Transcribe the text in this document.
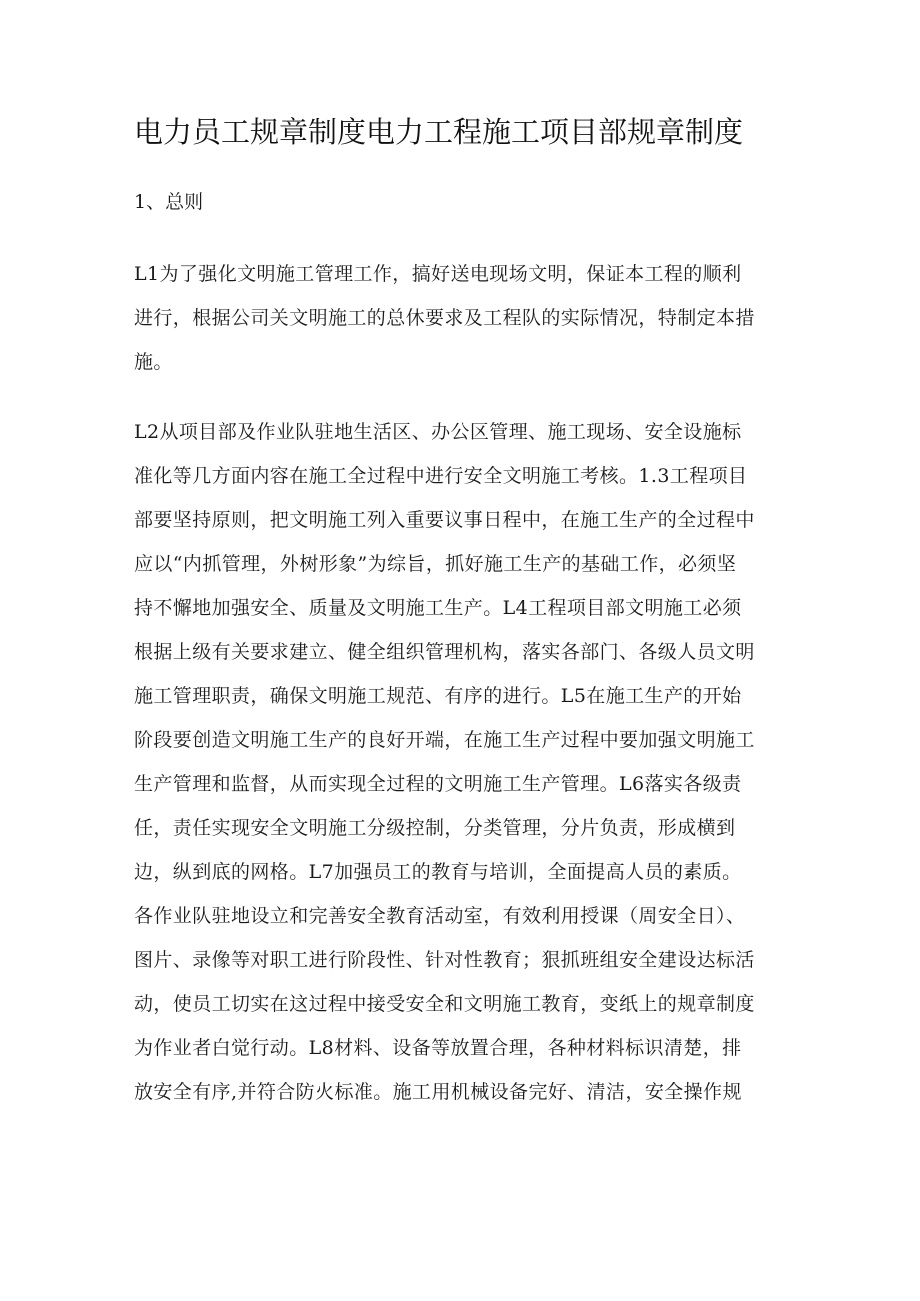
电力员工规章制度电力工程施工项目部规章制度

1、总则

L1为了强化文明施工管理工作，搞好送电现场文明，保证本工程的顺利
进行，根据公司关文明施工的总休要求及工程队的实际情况，特制定本措
施。
L2从项目部及作业队驻地生活区、办公区管理、施工现场、安全设施标
准化等几方面内容在施工全过程中进行安全文明施工考核。1.3工程项目
部要坚持原则，把文明施工列入重要议事日程中，在施工生产的全过程中
应以“内抓管理，外树形象”为综旨，抓好施工生产的基础工作，必须坚
持不懈地加强安全、质量及文明施工生产。L4工程项目部文明施工必须
根据上级有关要求建立、健全组织管理机构，落实各部门、各级人员文明
施工管理职责，确保文明施工规范、有序的进行。L5在施工生产的开始
阶段要创造文明施工生产的良好开端，在施工生产过程中要加强文明施工
生产管理和监督，从而实现全过程的文明施工生产管理。L6落实各级责
任，责任实现安全文明施工分级控制，分类管理，分片负责，形成横到
边，纵到底的网格。L7加强员工的教育与培训，全面提高人员的素质。
各作业队驻地设立和完善安全教育活动室，有效利用授课（周安全日）、
图片、录像等对职工进行阶段性、针对性教育；狠抓班组安全建设达标活
动，使员工切实在这过程中接受安全和文明施工教育，变纸上的规章制度
为作业者白觉行动。L8材料、设备等放置合理，各种材料标识清楚，排
放安全有序,并符合防火标准。施工用机械设备完好、清洁，安全操作规
